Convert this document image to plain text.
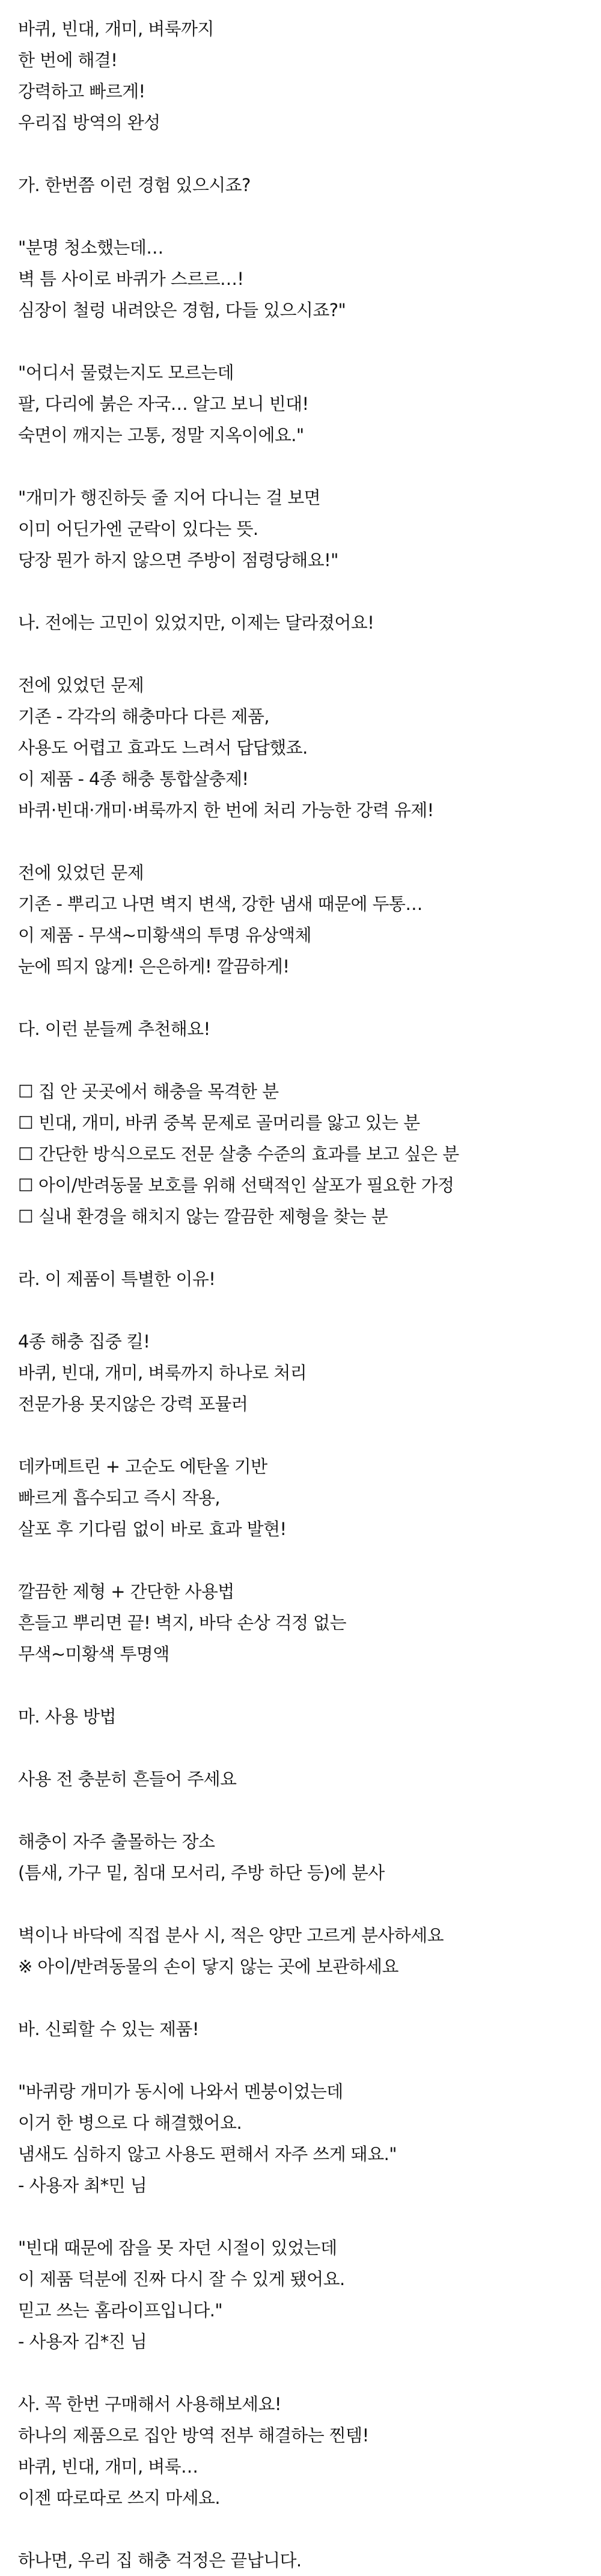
바퀴, 빈대, 개미, 벼룩까지
한 번에 해결!
강력하고 빠르게!
우리집 방역의 완성
가. 한번쯤 이런 경험 있으시죠?
"분명 청소했는데…
벽 틈 사이로 바퀴가 스르르…!
심장이 철렁 내려앉은 경험, 다들 있으시죠?"
"어디서 물렸는지도 모르는데
팔, 다리에 붉은 자국… 알고 보니 빈대!
숙면이 깨지는 고통, 정말 지옥이에요."
"개미가 행진하듯 줄 지어 다니는 걸 보면
이미 어딘가엔 군락이 있다는 뜻.
당장 뭔가 하지 않으면 주방이 점령당해요!"
나. 전에는 고민이 있었지만, 이제는 달라졌어요!
전에 있었던 문제
기존 - 각각의 해충마다 다른 제품,
사용도 어렵고 효과도 느려서 답답했죠.
이 제품 - 4종 해충 통합살충제!
바퀴·빈대·개미·벼룩까지 한 번에 처리 가능한 강력 유제!
전에 있었던 문제
기존 - 뿌리고 나면 벽지 변색, 강한 냄새 때문에 두통…
이 제품 - 무색~미황색의 투명 유상액체
눈에 띄지 않게! 은은하게! 깔끔하게!
다. 이런 분들께 추천해요!
☐ 집 안 곳곳에서 해충을 목격한 분
☐ 빈대, 개미, 바퀴 중복 문제로 골머리를 앓고 있는 분
☐ 간단한 방식으로도 전문 살충 수준의 효과를 보고 싶은 분
☐ 아이/반려동물 보호를 위해 선택적인 살포가 필요한 가정
☐ 실내 환경을 해치지 않는 깔끔한 제형을 찾는 분
라. 이 제품이 특별한 이유!
4종 해충 집중 킬!
바퀴, 빈대, 개미, 벼룩까지 하나로 처리
전문가용 못지않은 강력 포뮬러
데카메트린 + 고순도 에탄올 기반
빠르게 흡수되고 즉시 작용,
살포 후 기다림 없이 바로 효과 발현!
깔끔한 제형 + 간단한 사용법
흔들고 뿌리면 끝! 벽지, 바닥 손상 걱정 없는
무색~미황색 투명액
마. 사용 방법
사용 전 충분히 흔들어 주세요
해충이 자주 출몰하는 장소
(틈새, 가구 밑, 침대 모서리, 주방 하단 등)에 분사
벽이나 바닥에 직접 분사 시, 적은 양만 고르게 분사하세요
※ 아이/반려동물의 손이 닿지 않는 곳에 보관하세요
바. 신뢰할 수 있는 제품!
"바퀴랑 개미가 동시에 나와서 멘붕이었는데
이거 한 병으로 다 해결했어요.
냄새도 심하지 않고 사용도 편해서 자주 쓰게 돼요."
- 사용자 최*민 님
"빈대 때문에 잠을 못 자던 시절이 있었는데
이 제품 덕분에 진짜 다시 잘 수 있게 됐어요.
믿고 쓰는 홈라이프입니다."
- 사용자 김*진 님
사. 꼭 한번 구매해서 사용해보세요!
하나의 제품으로 집안 방역 전부 해결하는 찐템!
바퀴, 빈대, 개미, 벼룩…
이젠 따로따로 쓰지 마세요.
하나면, 우리 집 해충 걱정은 끝납니다.
